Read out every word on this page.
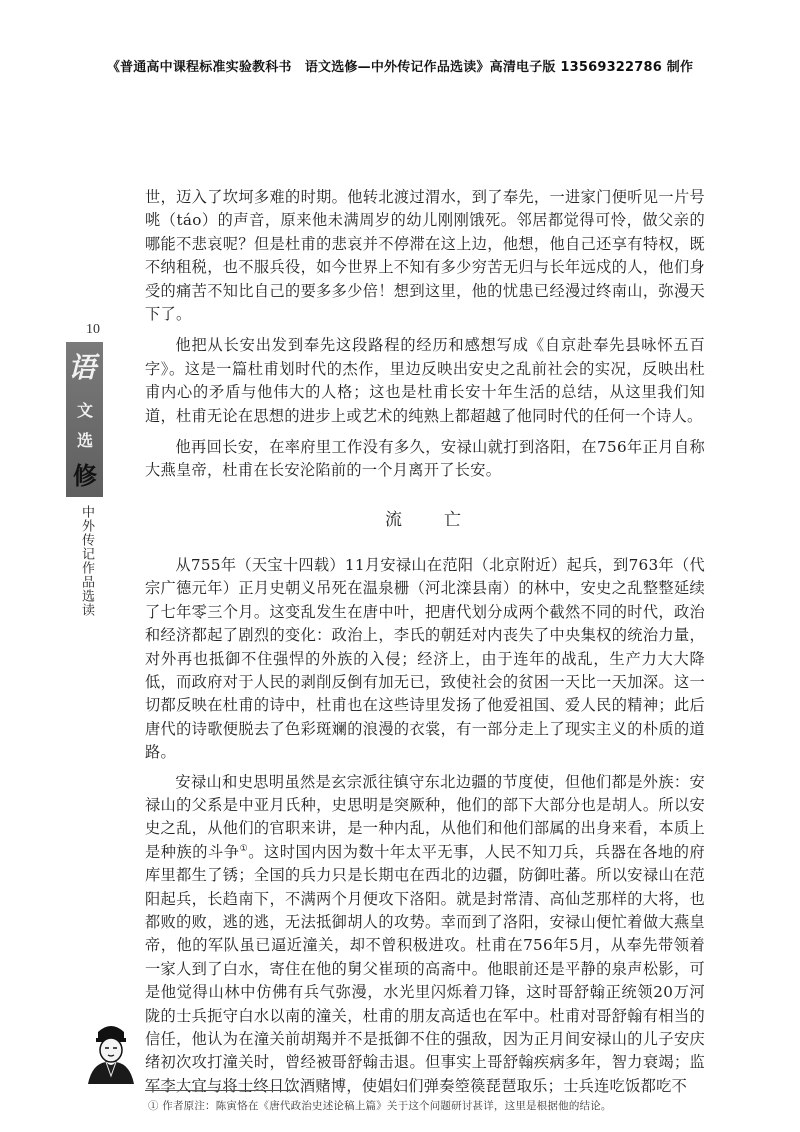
《普通高中课程标准实验教科书　语文选修—中外传记作品选读》高清电子版 13569322786 制作
10
语
文
选
修
中外传记作品选读

世，迈入了坎坷多难的时期。他转北渡过渭水，到了奉先，一进家门便听见一片号咷（táo）的声音，原来他未满周岁的幼儿刚刚饿死。邻居都觉得可怜，做父亲的哪能不悲哀呢？但是杜甫的悲哀并不停滞在这上边，他想，他自己还享有特权，既不纳租税，也不服兵役，如今世界上不知有多少穷苦无归与长年远戍的人，他们身受的痛苦不知比自己的要多多少倍！想到这里，他的忧患已经漫过终南山，弥漫天下了。

他把从长安出发到奉先这段路程的经历和感想写成《自京赴奉先县咏怀五百字》。这是一篇杜甫划时代的杰作，里边反映出安史之乱前社会的实况，反映出杜甫内心的矛盾与他伟大的人格；这也是杜甫长安十年生活的总结，从这里我们知道，杜甫无论在思想的进步上或艺术的纯熟上都超越了他同时代的任何一个诗人。

他再回长安，在率府里工作没有多久，安禄山就打到洛阳，在756年正月自称大燕皇帝，杜甫在长安沦陷前的一个月离开了长安。

流亡

从755年（天宝十四载）11月安禄山在范阳（北京附近）起兵，到763年（代宗广德元年）正月史朝义吊死在温泉栅（河北滦县南）的林中，安史之乱整整延续了七年零三个月。这变乱发生在唐中叶，把唐代划分成两个截然不同的时代，政治和经济都起了剧烈的变化：政治上，李氏的朝廷对内丧失了中央集权的统治力量，对外再也抵御不住强悍的外族的入侵；经济上，由于连年的战乱，生产力大大降低，而政府对于人民的剥削反倒有加无已，致使社会的贫困一天比一天加深。这一切都反映在杜甫的诗中，杜甫也在这些诗里发扬了他爱祖国、爱人民的精神；此后唐代的诗歌便脱去了色彩斑斓的浪漫的衣裳，有一部分走上了现实主义的朴质的道路。

安禄山和史思明虽然是玄宗派往镇守东北边疆的节度使，但他们都是外族：安禄山的父系是中亚月氏种，史思明是突厥种，他们的部下大部分也是胡人。所以安史之乱，从他们的官职来讲，是一种内乱，从他们和他们部属的出身来看，本质上是种族的斗争①。这时国内因为数十年太平无事，人民不知刀兵，兵器在各地的府库里都生了锈；全国的兵力只是长期屯在西北的边疆，防御吐蕃。所以安禄山在范阳起兵，长趋南下，不满两个月便攻下洛阳。就是封常清、高仙芝那样的大将，也都败的败，逃的逃，无法抵御胡人的攻势。幸而到了洛阳，安禄山便忙着做大燕皇帝，他的军队虽已逼近潼关，却不曾积极进攻。杜甫在756年5月，从奉先带领着一家人到了白水，寄住在他的舅父崔顼的高斋中。他眼前还是平静的泉声松影，可是他觉得山林中仿佛有兵气弥漫，水光里闪烁着刀锋，这时哥舒翰正统领20万河陇的士兵扼守白水以南的潼关，杜甫的朋友高适也在军中。杜甫对哥舒翰有相当的信任，他认为在潼关前胡羯并不是抵御不住的强敌，因为正月间安禄山的儿子安庆绪初次攻打潼关时，曾经被哥舒翰击退。但事实上哥舒翰疾病多年，智力衰竭；监军李大宜与将士终日饮酒赌博，使娼妇们弹奏箜篌琵琶取乐；士兵连吃饭都吃不

① 作者原注：陈寅恪在《唐代政治史述论稿上篇》关于这个问题研讨甚详，这里是根据他的结论。
